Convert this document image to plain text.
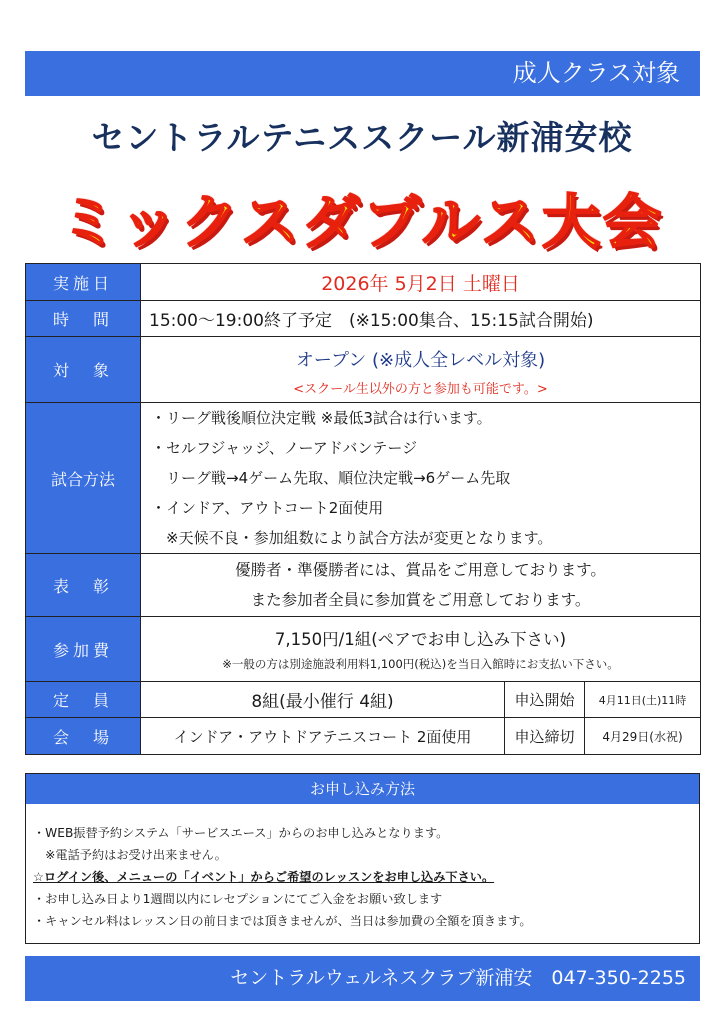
成人クラス対象
セントラルテニススクール新浦安校
ミックスダブルス大会
実施日	2026年 5月2日 土曜日		
時　間	15:00〜19:00終了予定　(※15:00集合、15:15試合開始)		
対　象	オープン (※成人全レベル対象)
<スクール生以外の方と参加も可能です。>		

試合方法	・リーグ戦後順位決定戦 ※最低3試合は行います。
・セルフジャッジ、ノーアドバンテージ
　リーグ戦→4ゲーム先取、順位決定戦→6ゲーム先取
・インドア、アウトコート2面使用
　※天候不良・参加組数により試合方法が変更となります。		

表　彰	優勝者・準優勝者には、賞品をご用意しております。
また参加者全員に参加賞をご用意しております。		

参加費	7,150円/1組(ペアでお申し込み下さい)
※一般の方は別途施設利用料1,100円(税込)を当日入館時にお支払い下さい。		

定　員	8組(最小催行 4組)	申込開始	4月11日(土)11時
会　場	インドア・アウトドアテニスコート 2面使用	申込締切	4月29日(水祝)
お申し込み方法
・WEB振替予約システム「サービスエース」からのお申し込みとなります。
　※電話予約はお受け出来ません。
☆ログイン後、メニューの「イベント」からご希望のレッスンをお申し込み下さい。
・お申し込み日より1週間以内にレセプションにてご入金をお願い致します
・キャンセル料はレッスン日の前日までは頂きませんが、当日は参加費の全額を頂きます。
セントラルウェルネスクラブ新浦安　047-350-2255
